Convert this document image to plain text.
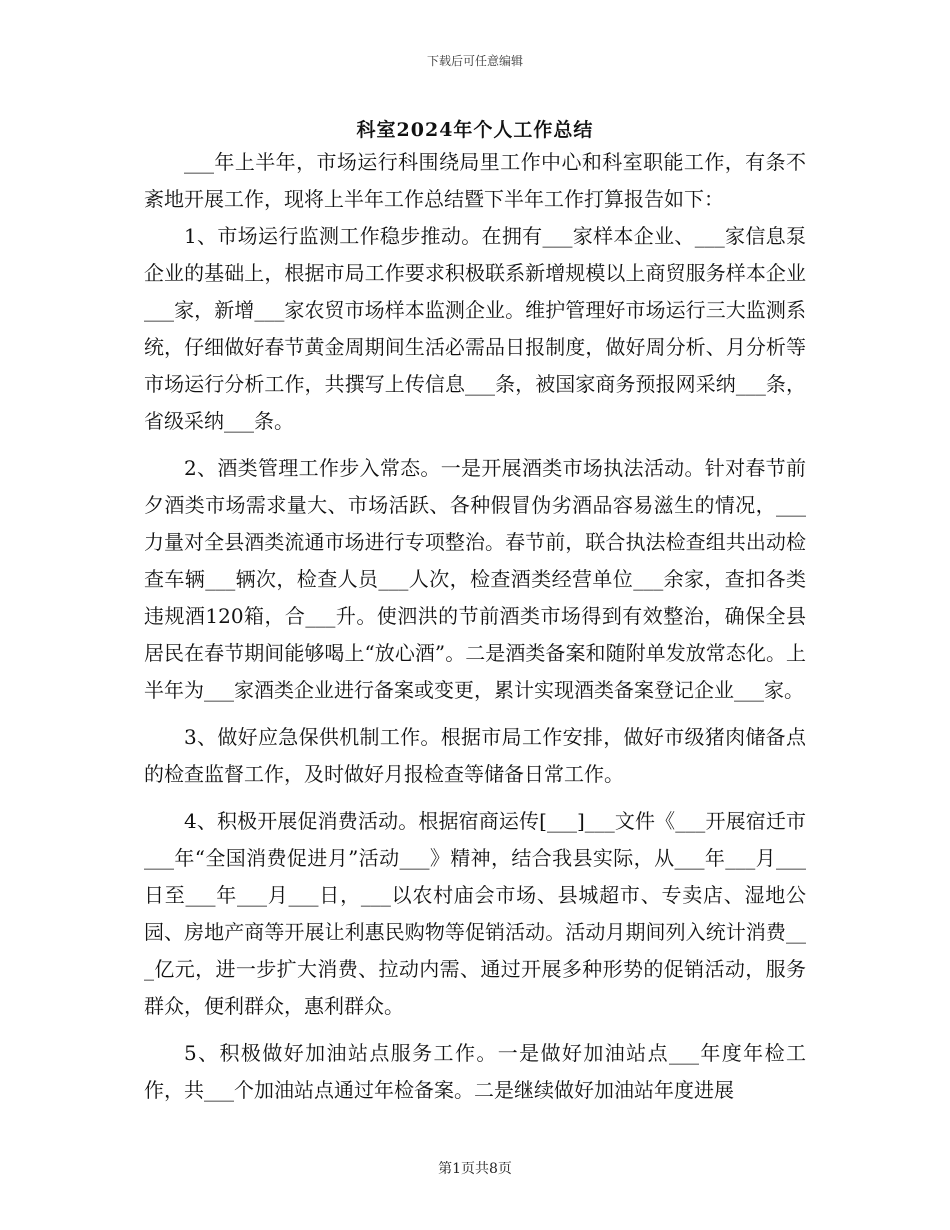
下载后可任意编辑
科室2024年个人工作总结

___年上半年，市场运行科围绕局里工作中心和科室职能工作，有条不紊地开展工作，现将上半年工作总结暨下半年工作打算报告如下：

1、市场运行监测工作稳步推动。在拥有___家样本企业、___家信息泵企业的基础上，根据市局工作要求积极联系新增规模以上商贸服务样本企业___家，新增___家农贸市场样本监测企业。维护管理好市场运行三大监测系统，仔细做好春节黄金周期间生活必需品日报制度，做好周分析、月分析等市场运行分析工作，共撰写上传信息___条，被国家商务预报网采纳___条，省级采纳___条。

2、酒类管理工作步入常态。一是开展酒类市场执法活动。针对春节前夕酒类市场需求量大、市场活跃、各种假冒伪劣酒品容易滋生的情况，___力量对全县酒类流通市场进行专项整治。春节前，联合执法检查组共出动检查车辆___辆次，检查人员___人次，检查酒类经营单位___余家，查扣各类违规酒120箱，合___升。使泗洪的节前酒类市场得到有效整治，确保全县居民在春节期间能够喝上“放心酒”。二是酒类备案和随附单发放常态化。上半年为___家酒类企业进行备案或变更，累计实现酒类备案登记企业___家。

3、做好应急保供机制工作。根据市局工作安排，做好市级猪肉储备点的检查监督工作，及时做好月报检查等储备日常工作。

4、积极开展促消费活动。根据宿商运传[___]___文件《___开展宿迁市___年“全国消费促进月”活动___》精神，结合我县实际，从___年___月___日至___年___月___日，___以农村庙会市场、县城超市、专卖店、湿地公园、房地产商等开展让利惠民购物等促销活动。活动月期间列入统计消费___亿元，进一步扩大消费、拉动内需、通过开展多种形势的促销活动，服务群众，便利群众，惠利群众。

5、积极做好加油站点服务工作。一是做好加油站点___年度年检工作，共___个加油站点通过年检备案。二是继续做好加油站年度进展

第1页共8页
